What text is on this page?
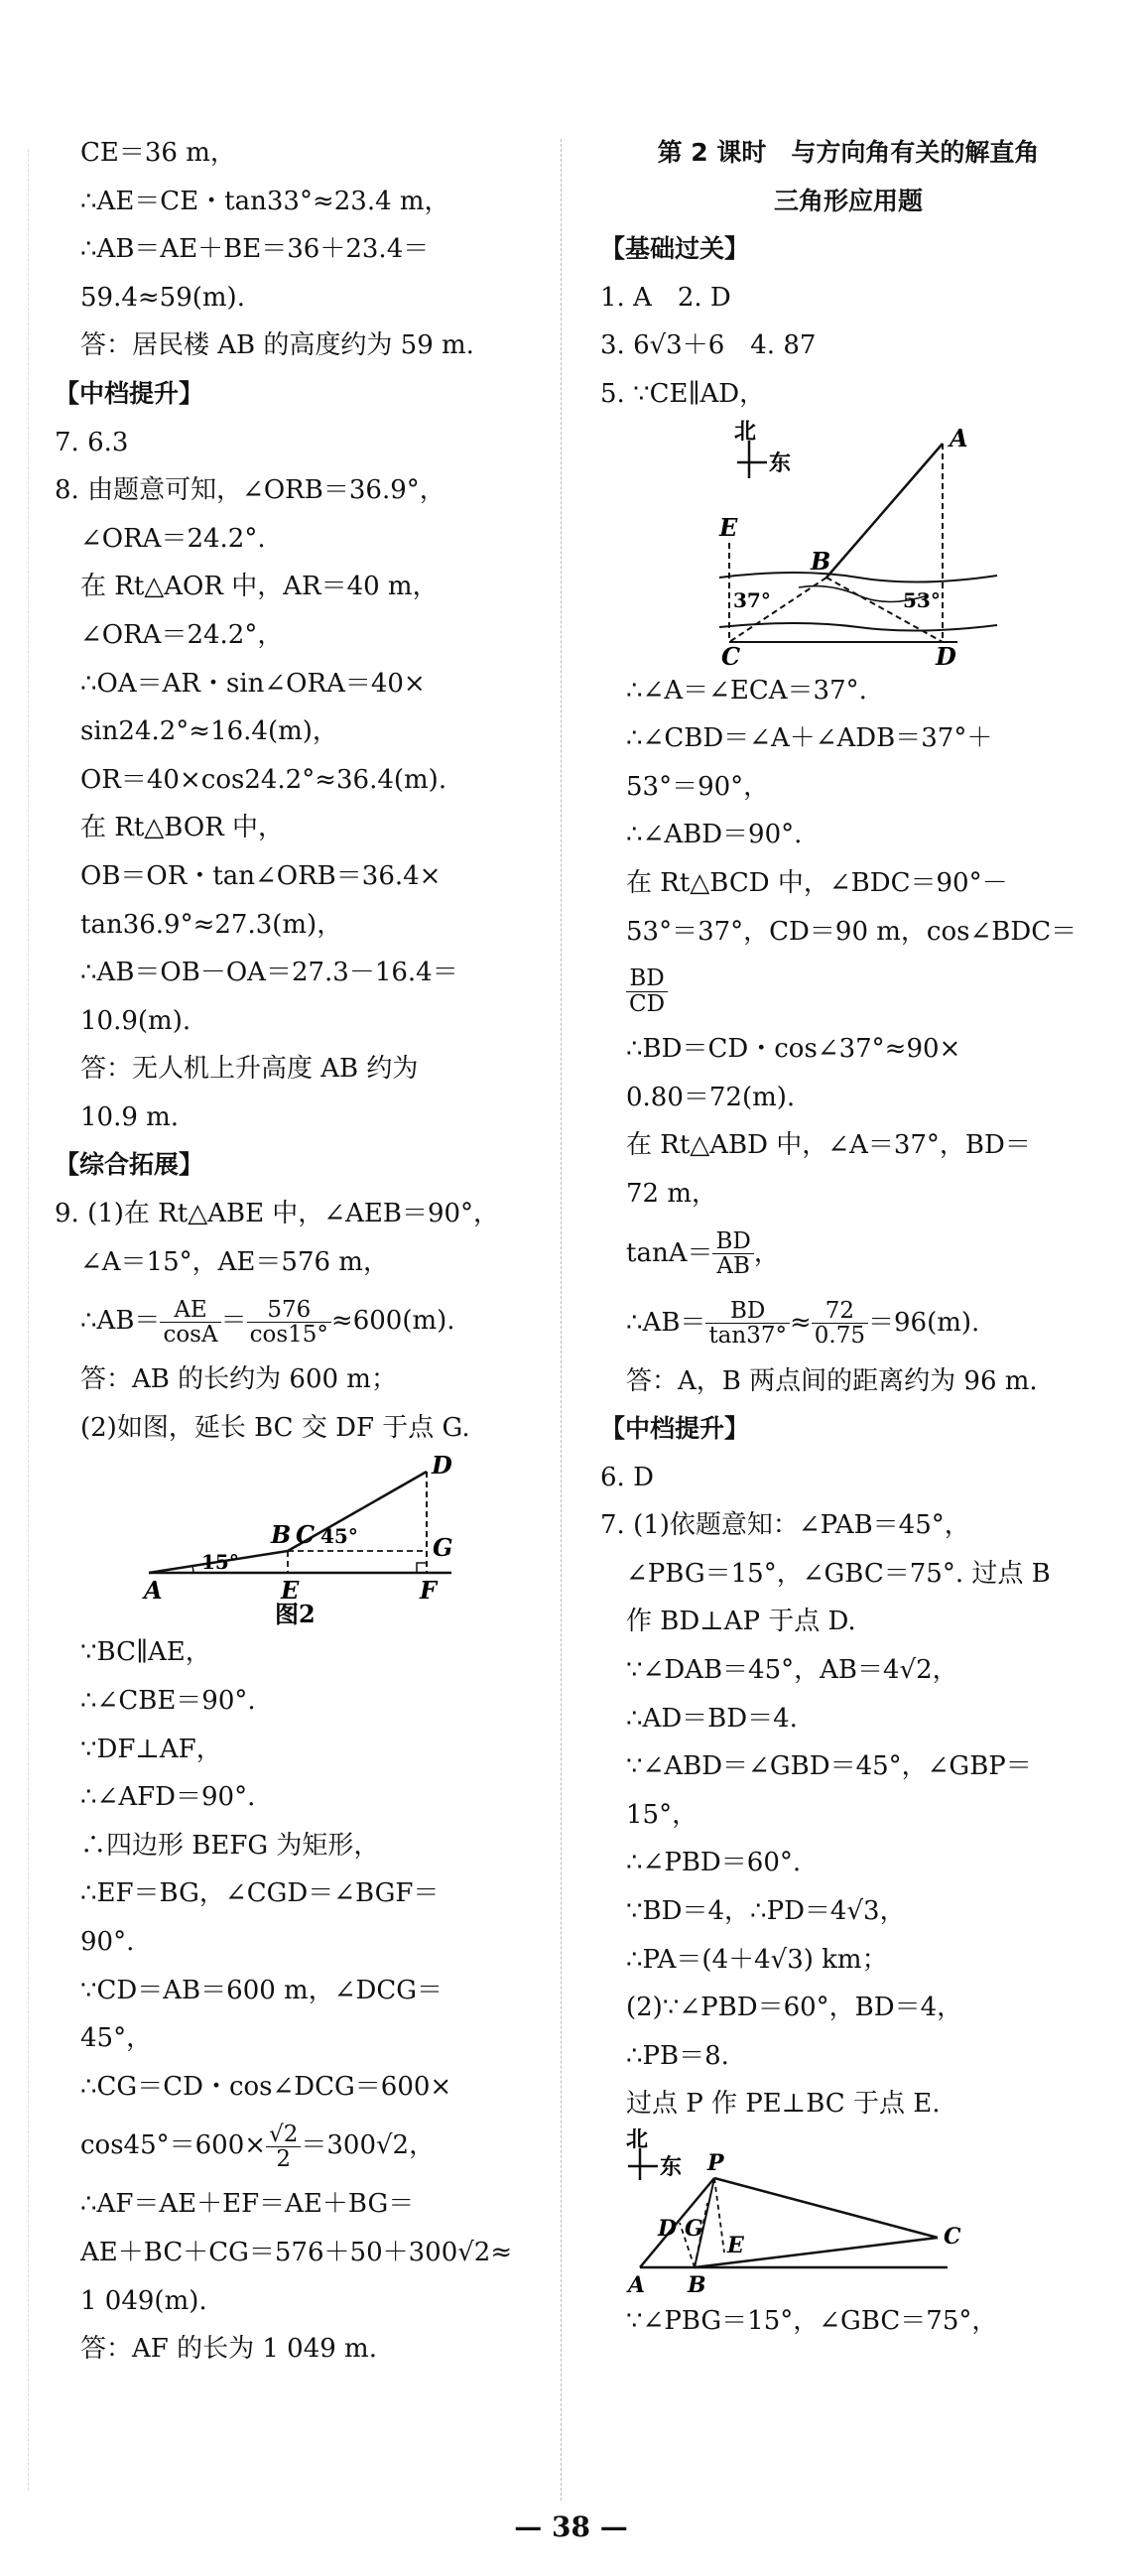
CE＝36 m，
∴AE＝CE・tan33°≈23.4 m，
∴AB＝AE＋BE＝36＋23.4＝
59.4≈59(m).
答：居民楼 AB 的高度约为 59 m.
【中档提升】
7. 6.3
8. 由题意可知，∠ORB＝36.9°，
∠ORA＝24.2°.
在 Rt△AOR 中，AR＝40 m，
∠ORA＝24.2°，
∴OA＝AR・sin∠ORA＝40×
sin24.2°≈16.4(m)，
OR＝40×cos24.2°≈36.4(m).
在 Rt△BOR 中，
OB＝OR・tan∠ORB＝36.4×
tan36.9°≈27.3(m)，
∴AB＝OB－OA＝27.3－16.4＝
10.9(m).
答：无人机上升高度 AB 约为
10.9 m.
【综合拓展】
9. (1)在 Rt△ABE 中，∠AEB＝90°，
∠A＝15°，AE＝576 m，
∴AB＝ $\frac{AE}{\cos A} = \frac{576}{\cos 15^\circ} \approx 600(m)$.
答：AB 的长约为 600 m；
(2)如图，延长 BC 交 DF 于点 G.
A
B C
D
E	F
G
15°
45°
图2
∵BC∥AE，
∴∠CBE＝90°.
∵DF⊥AF，
∴∠AFD＝90°.
∴四边形 BEFG 为矩形，
∴EF＝BG，∠CGD＝∠BGF＝
90°.
∵CD＝AB＝600 m，∠DCG＝
45°，
∴CG＝CD・cos∠DCG＝600×
$\cos 45^\circ=600\times \frac{√2}{2} =300√2$，
∴AF＝AE＋EF＝AE＋BG＝
AE＋BC＋CG＝576＋50＋300√2≈
1 049(m).
答：AF 的长为 1 049 m.
第 2 课时　与方向角有关的解直角
三角形应用题
【基础过关】
1. A　2. D
3. 6√3＋6　4. 87
5. ∵CE∥AD，
北
东
A
B
C	D
E
37°	53°
∴∠A＝∠ECA＝37°.
∴∠CBD＝∠A＋∠ADB＝37°＋
53°＝90°，
∴∠ABD＝90°.
在 Rt△BCD 中，∠BDC＝90°－
53°＝37°，CD＝90 m，cos∠BDC＝
$\frac{BD}{CD}$
∴BD＝CD・cos∠37°≈90×
0.80＝72(m).
在 Rt△ABD 中，∠A＝37°，BD＝
72 m，
$\tan A= \frac{BD}{AB}$ ，
∴AB＝ $\frac{BD}{\tan 37^\circ} \approx \frac{72}{0.75} =96(m)$.
答：A，B 两点间的距离约为 96 m.
【中档提升】
6. D
7. (1)依题意知：∠PAB＝45°，
∠PBG＝15°，∠GBC＝75°. 过点 B
作 BD⊥AP 于点 D.
∵∠DAB＝45°，AB＝4√2，
∴AD＝BD＝4.
∵∠ABD＝∠GBD＝45°，∠GBP＝
15°，
∴∠PBD＝60°.
∵BD＝4，∴PD＝4√3，
∴PA＝(4＋4√3) km；
(2)∵∠PBD＝60°，BD＝4，
∴PB＝8.
过点 P 作 PE⊥BC 于点 E.
北
东 P
A B
C
D
E
G
∵∠PBG＝15°，∠GBC＝75°，
— 38 —
